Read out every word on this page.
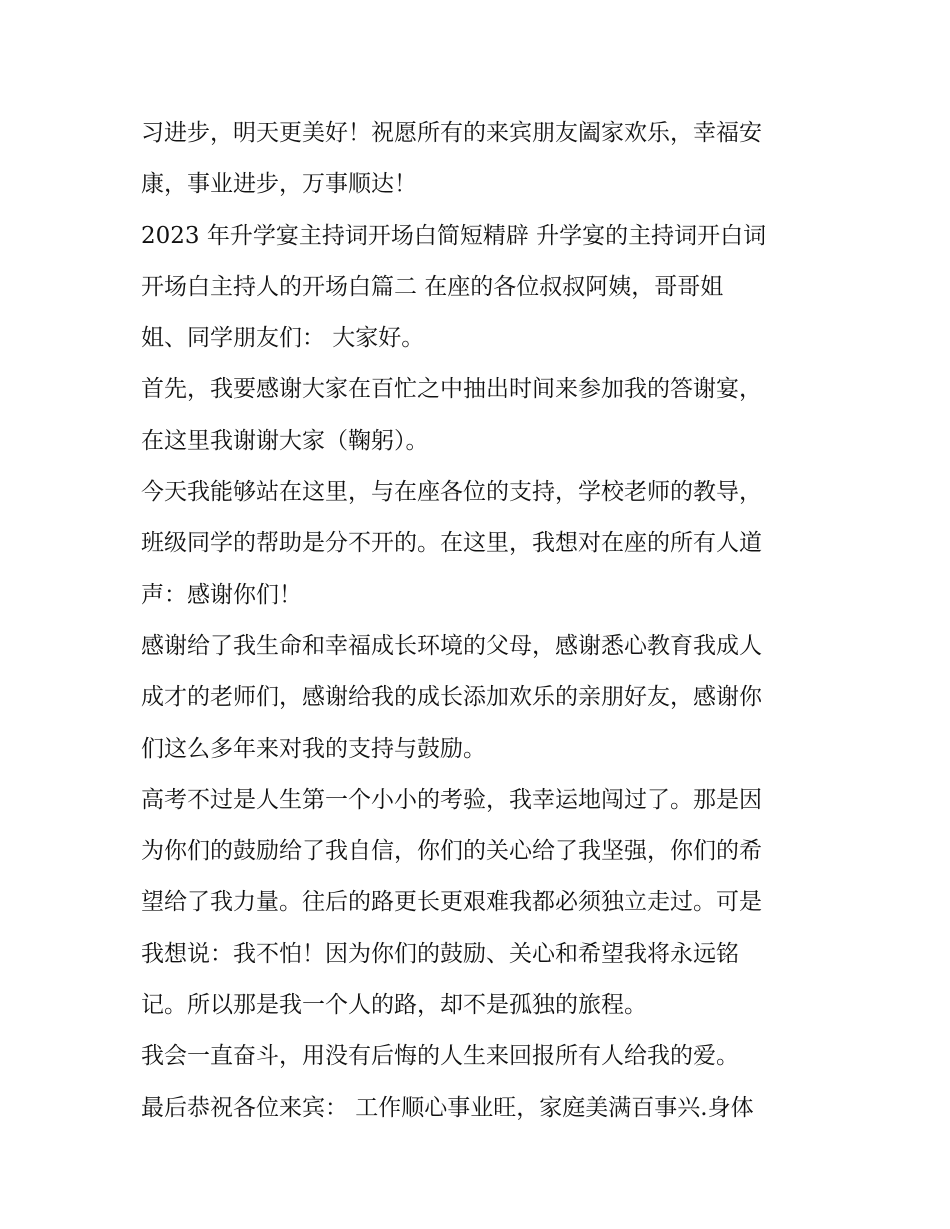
习进步，明天更美好！祝愿所有的来宾朋友阖家欢乐，幸福安
康，事业进步，万事顺达！
2023 年升学宴主持词开场白简短精辟 升学宴的主持词开白词
开场白主持人的开场白篇二 在座的各位叔叔阿姨，哥哥姐
姐、同学朋友们： 大家好。
首先，我要感谢大家在百忙之中抽出时间来参加我的答谢宴，
在这里我谢谢大家（鞠躬）。
今天我能够站在这里，与在座各位的支持，学校老师的教导，
班级同学的帮助是分不开的。在这里，我想对在座的所有人道
声：感谢你们！
感谢给了我生命和幸福成长环境的父母，感谢悉心教育我成人
成才的老师们，感谢给我的成长添加欢乐的亲朋好友，感谢你
们这么多年来对我的支持与鼓励。
高考不过是人生第一个小小的考验，我幸运地闯过了。那是因
为你们的鼓励给了我自信，你们的关心给了我坚强，你们的希
望给了我力量。往后的路更长更艰难我都必须独立走过。可是
我想说：我不怕！因为你们的鼓励、关心和希望我将永远铭
记。所以那是我一个人的路，却不是孤独的旅程。
我会一直奋斗，用没有后悔的人生来回报所有人给我的爱。
最后恭祝各位来宾： 工作顺心事业旺，家庭美满百事兴.身体
